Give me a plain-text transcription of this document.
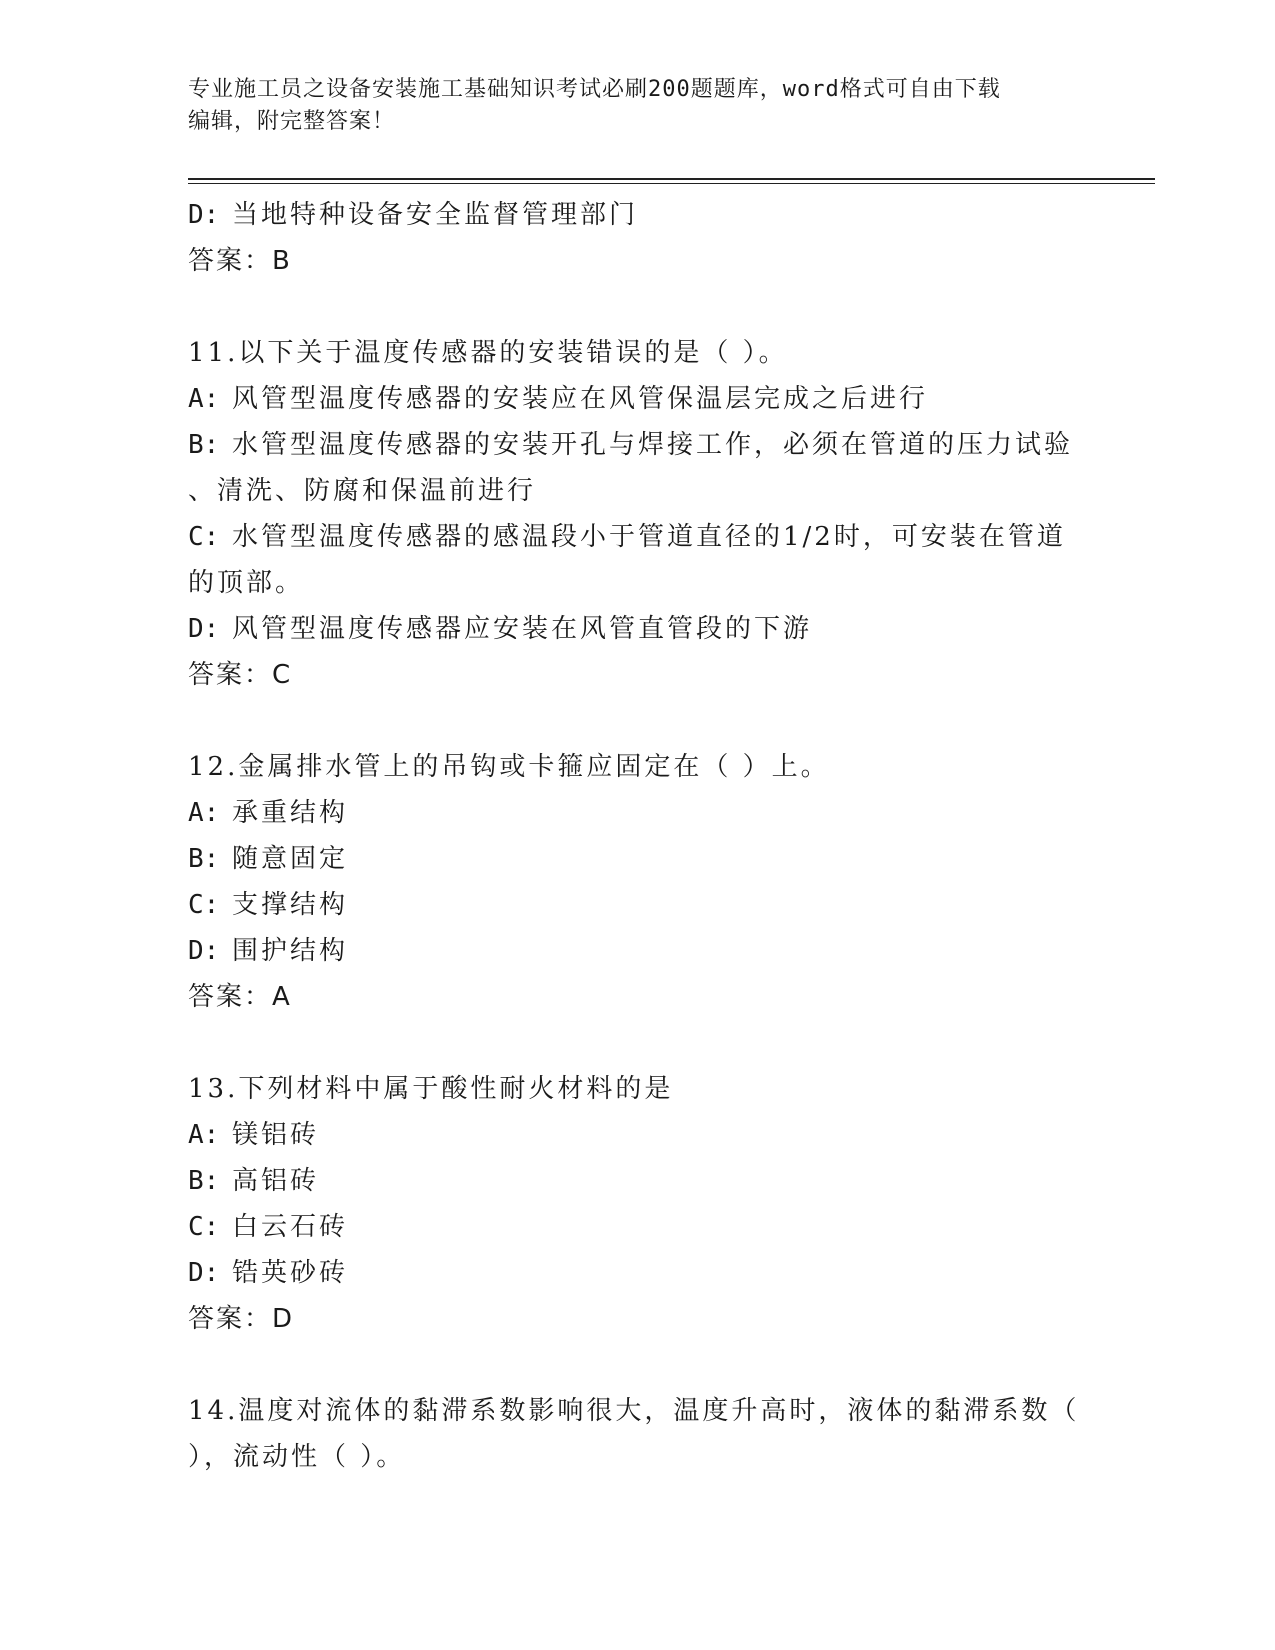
专业施工员之设备安装施工基础知识考试必刷200题题库，word格式可自由下载
编辑，附完整答案！
D: 当地特种设备安全监督管理部门
答案：B
11.以下关于温度传感器的安装错误的是（ ）。
A: 风管型温度传感器的安装应在风管保温层完成之后进行
B: 水管型温度传感器的安装开孔与焊接工作，必须在管道的压力试验
、清洗、防腐和保温前进行
C: 水管型温度传感器的感温段小于管道直径的1/2时，可安装在管道
的顶部。
D: 风管型温度传感器应安装在风管直管段的下游
答案：C
12.金属排水管上的吊钩或卡箍应固定在（ ）上。
A: 承重结构
B: 随意固定
C: 支撑结构
D: 围护结构
答案：A
13.下列材料中属于酸性耐火材料的是
A: 镁铝砖
B: 高铝砖
C: 白云石砖
D: 锆英砂砖
答案：D
14.温度对流体的黏滞系数影响很大，温度升高时，液体的黏滞系数（
），流动性（ ）。
